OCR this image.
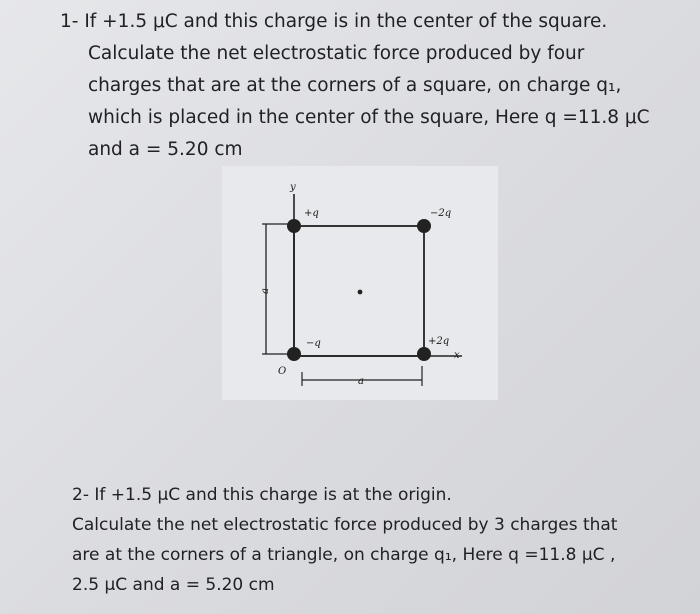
1- If +1.5 μC and this charge is in the center of the square.
Calculate the net electrostatic force produced by four
charges that are at the corners of a square, on charge q₁,
which is placed in the center of the square, Here q =11.8 μC
and a = 5.20 cm
y
x
O
+q	−2q
−q	+2q
a
a
2- If +1.5 μC and this charge is at the origin.
Calculate the net electrostatic force produced by 3 charges that
are at the corners of a triangle, on charge q₁, Here q =11.8 μC ,
2.5 μC and a = 5.20 cm
